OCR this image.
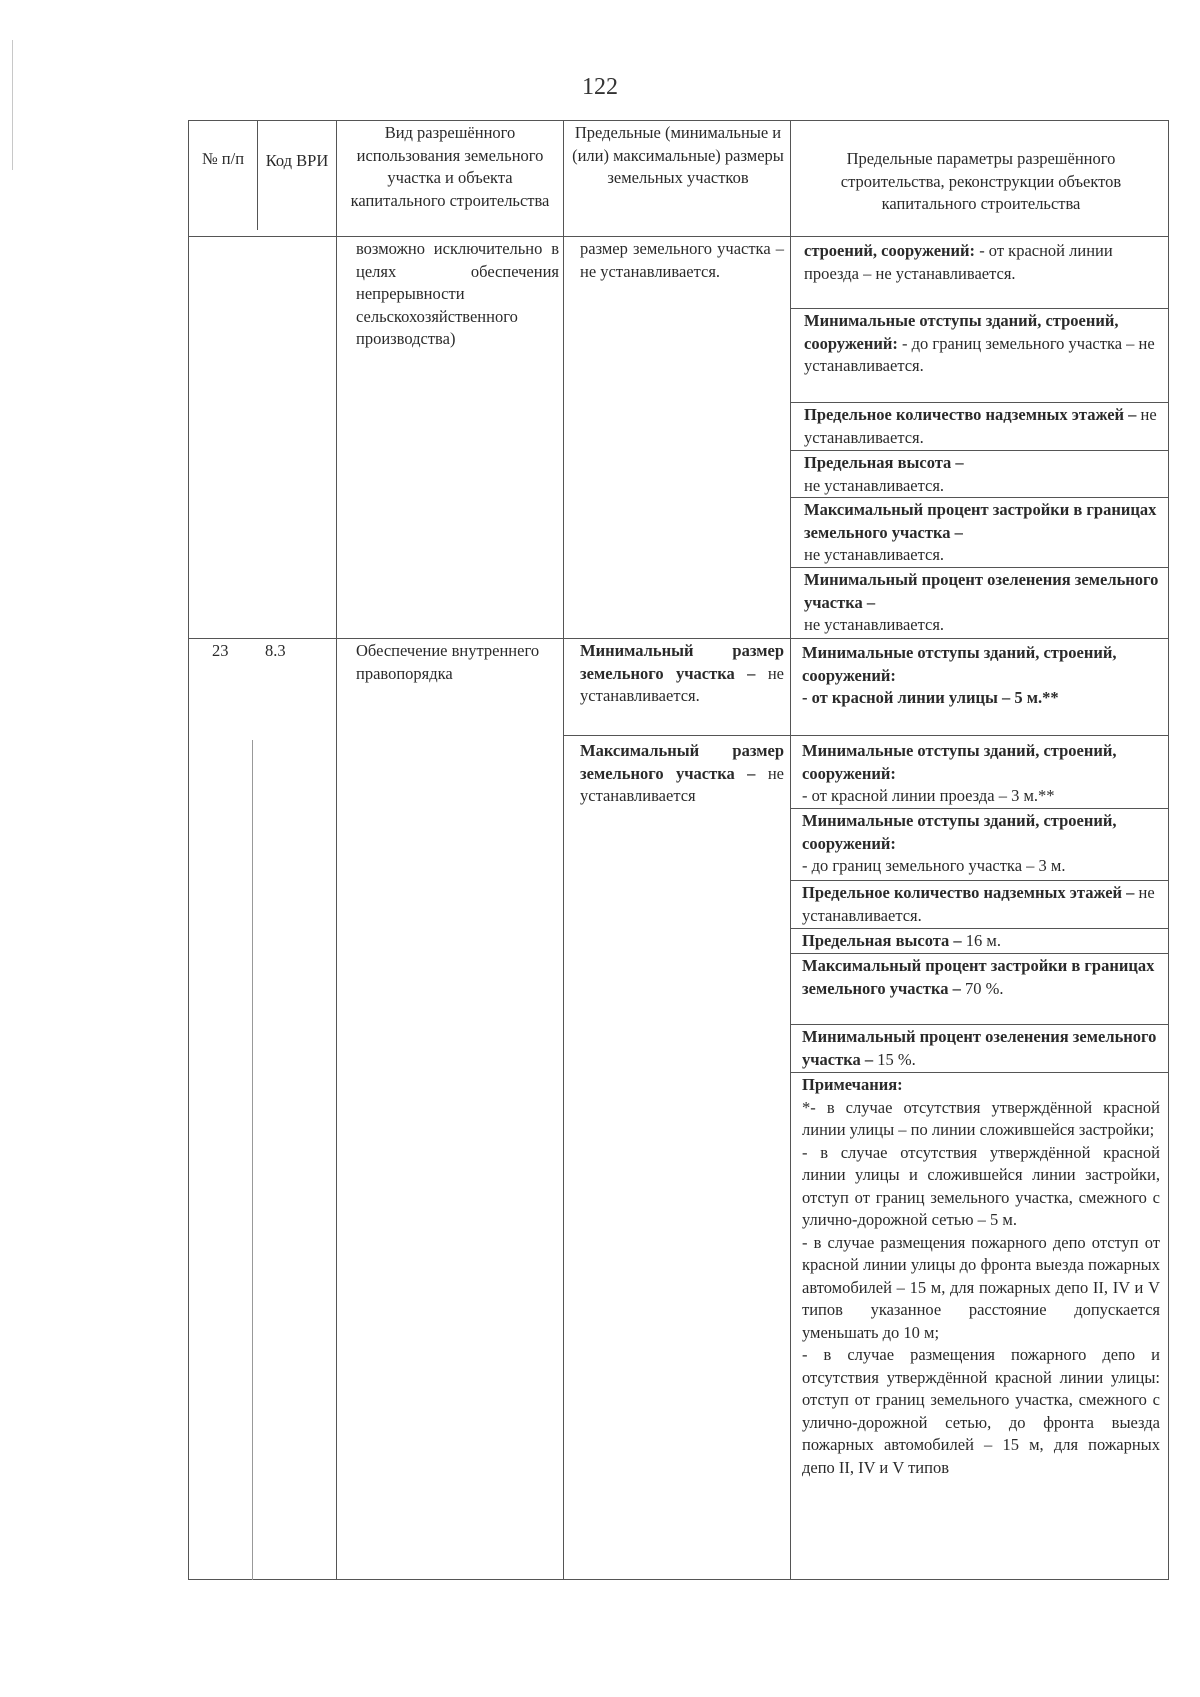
122
№ п/п	Код ВРИ
Вид разрешённого использования земельного участка и объекта капитального строительства
Предельные (минимальные и (или) максимальные) размеры земельных участков
Предельные параметры разрешённого строительства, реконструкции объектов капитального строительства
возможно исключительно в целях обеспечения непрерывности сельскохозяйственного производства)
размер земельного участка – не устанавливается.
строений, сооружений: - от красной линии проезда – не устанавливается.
Минимальные отступы зданий, строений, сооружений: - до границ земельного участка – не устанавливается.
Предельное количество надземных этажей – не устанавливается.
Предельная высота –
не устанавливается.
Максимальный процент застройки в границах земельного участка –
не устанавливается.
Минимальный процент озеленения земельного участка –
не устанавливается.
23 8.3	Обеспечение внутреннего правопорядка
Минимальный размер земельного участка – не устанавливается.
Максимальный размер земельного участка – не устанавливается
Минимальные отступы зданий, строений, сооружений:
- от красной линии улицы – 5 м.**
Минимальные отступы зданий, строений, сооружений:
- от красной линии проезда – 3 м.**
Минимальные отступы зданий, строений, сооружений:
- до границ земельного участка – 3 м.
Предельное количество надземных этажей – не устанавливается.
Предельная высота – 16 м.
Максимальный процент застройки в границах земельного участка – 70 %.
Минимальный процент озеленения земельного участка – 15 %.
Примечания:
*- в случае отсутствия утверждённой красной линии улицы – по линии сложившейся застройки;
- в случае отсутствия утверждённой красной линии улицы и сложившейся линии застройки, отступ от границ земельного участка, смежного с улично-дорожной сетью – 5 м.
- в случае размещения пожарного депо отступ от красной линии улицы до фронта выезда пожарных автомобилей – 15 м, для пожарных депо II, IV и V типов указанное расстояние допускается уменьшать до 10 м;
- в случае размещения пожарного депо и отсутствия утверждённой красной линии улицы: отступ от границ земельного участка, смежного с улично-дорожной сетью, до фронта выезда пожарных автомобилей – 15 м, для пожарных депо II, IV и V типов
